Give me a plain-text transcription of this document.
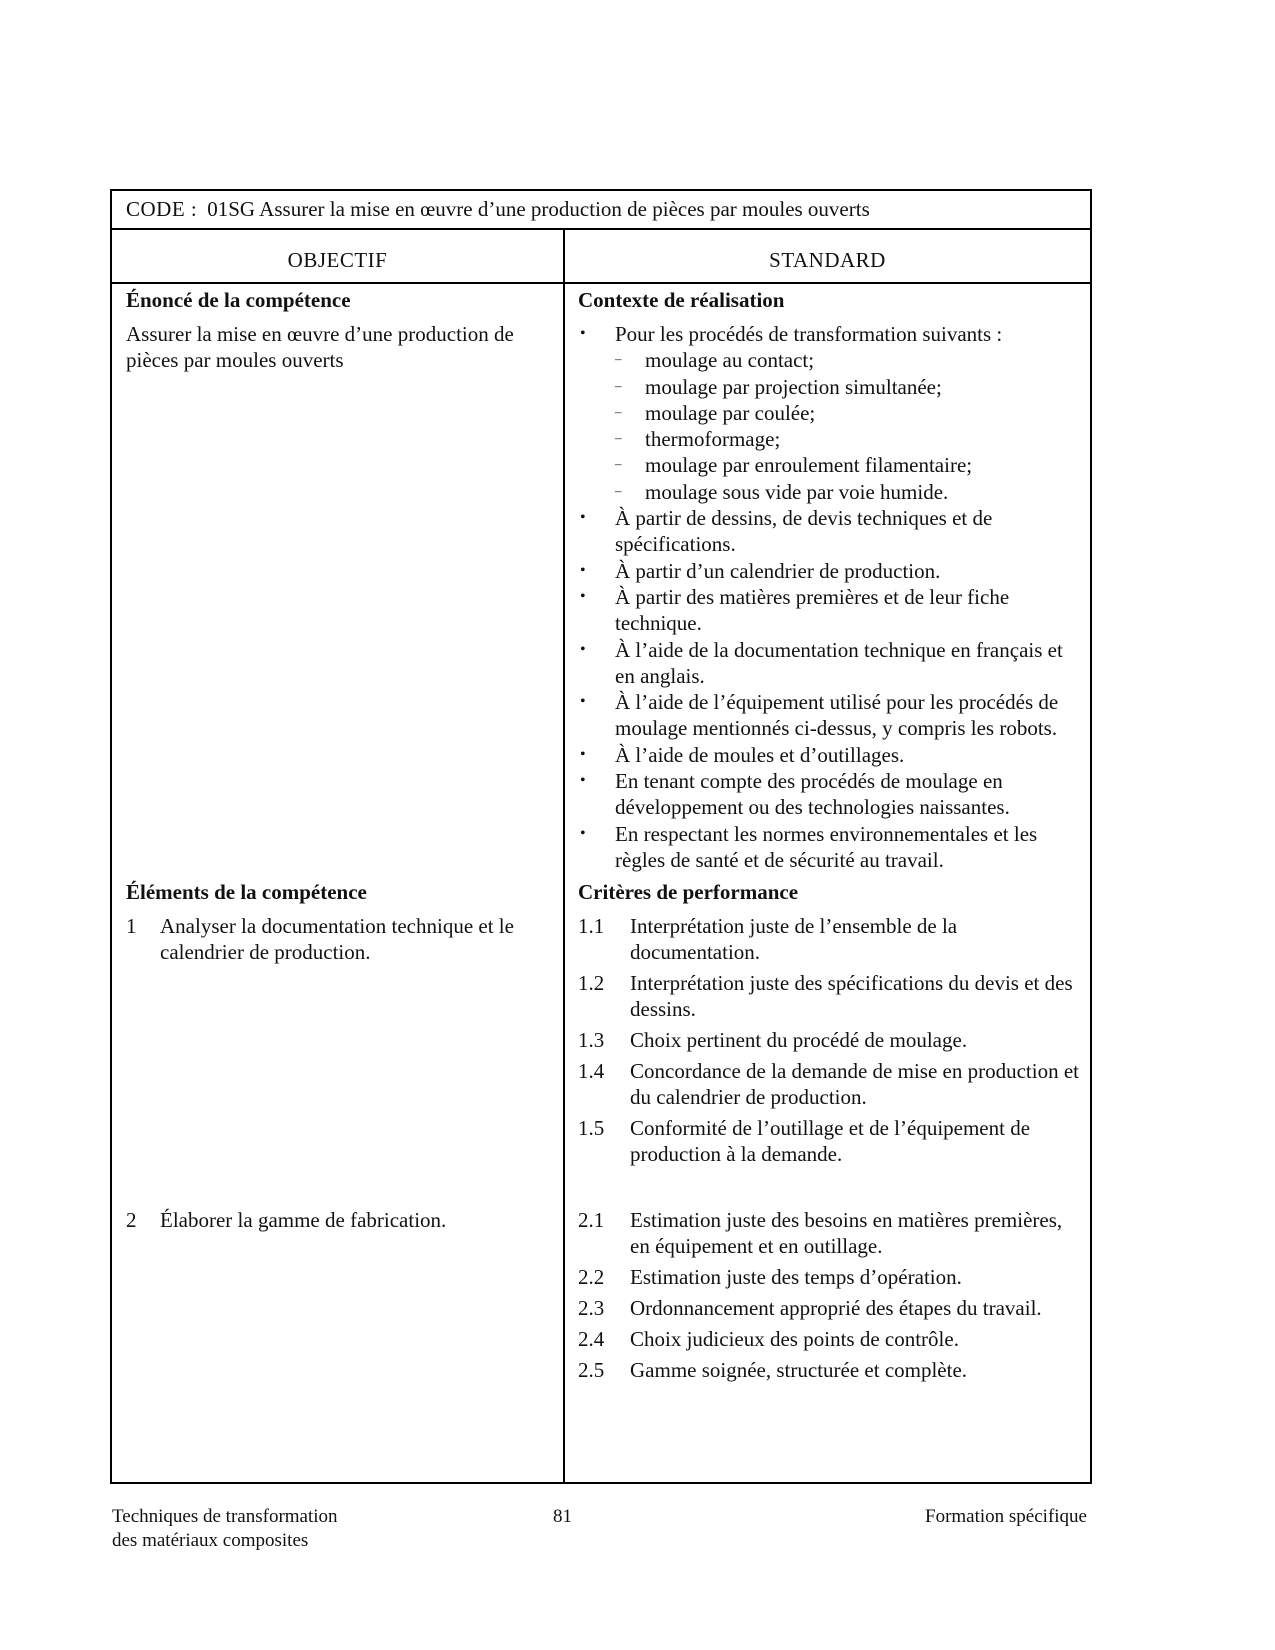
CODE : 01SG Assurer la mise en œuvre d’une production de pièces par moules ouverts
OBJECTIF	STANDARD
Énoncé de la compétence
Assurer la mise en œuvre d’une production de pièces par moules ouverts
Éléments de la compétence
1 Analyser la documentation technique et le calendrier de production.
2 Élaborer la gamme de fabrication.
Contexte de réalisation
• Pour les procédés de transformation suivants :
– moulage au contact;
– moulage par projection simultanée;
– moulage par coulée;
– thermoformage;
– moulage par enroulement filamentaire;
– moulage sous vide par voie humide.
• À partir de dessins, de devis techniques et de spécifications.
• À partir d’un calendrier de production.
• À partir des matières premières et de leur fiche technique.
• À l’aide de la documentation technique en français et en anglais.
• À l’aide de l’équipement utilisé pour les procédés de moulage mentionnés ci-dessus, y compris les robots.
• À l’aide de moules et d’outillages.
• En tenant compte des procédés de moulage en développement ou des technologies naissantes.
• En respectant les normes environnementales et les règles de santé et de sécurité au travail.
Critères de performance
1.1 Interprétation juste de l’ensemble de la documentation.
1.2 Interprétation juste des spécifications du devis et des dessins.
1.3 Choix pertinent du procédé de moulage.
1.4 Concordance de la demande de mise en production et du calendrier de production.
1.5 Conformité de l’outillage et de l’équipement de production à la demande.
2.1 Estimation juste des besoins en matières premières, en équipement et en outillage.
2.2 Estimation juste des temps d’opération.
2.3 Ordonnancement approprié des étapes du travail.
2.4 Choix judicieux des points de contrôle.
2.5 Gamme soignée, structurée et complète.
Techniques de transformation
des matériaux composites
81	Formation spécifique
